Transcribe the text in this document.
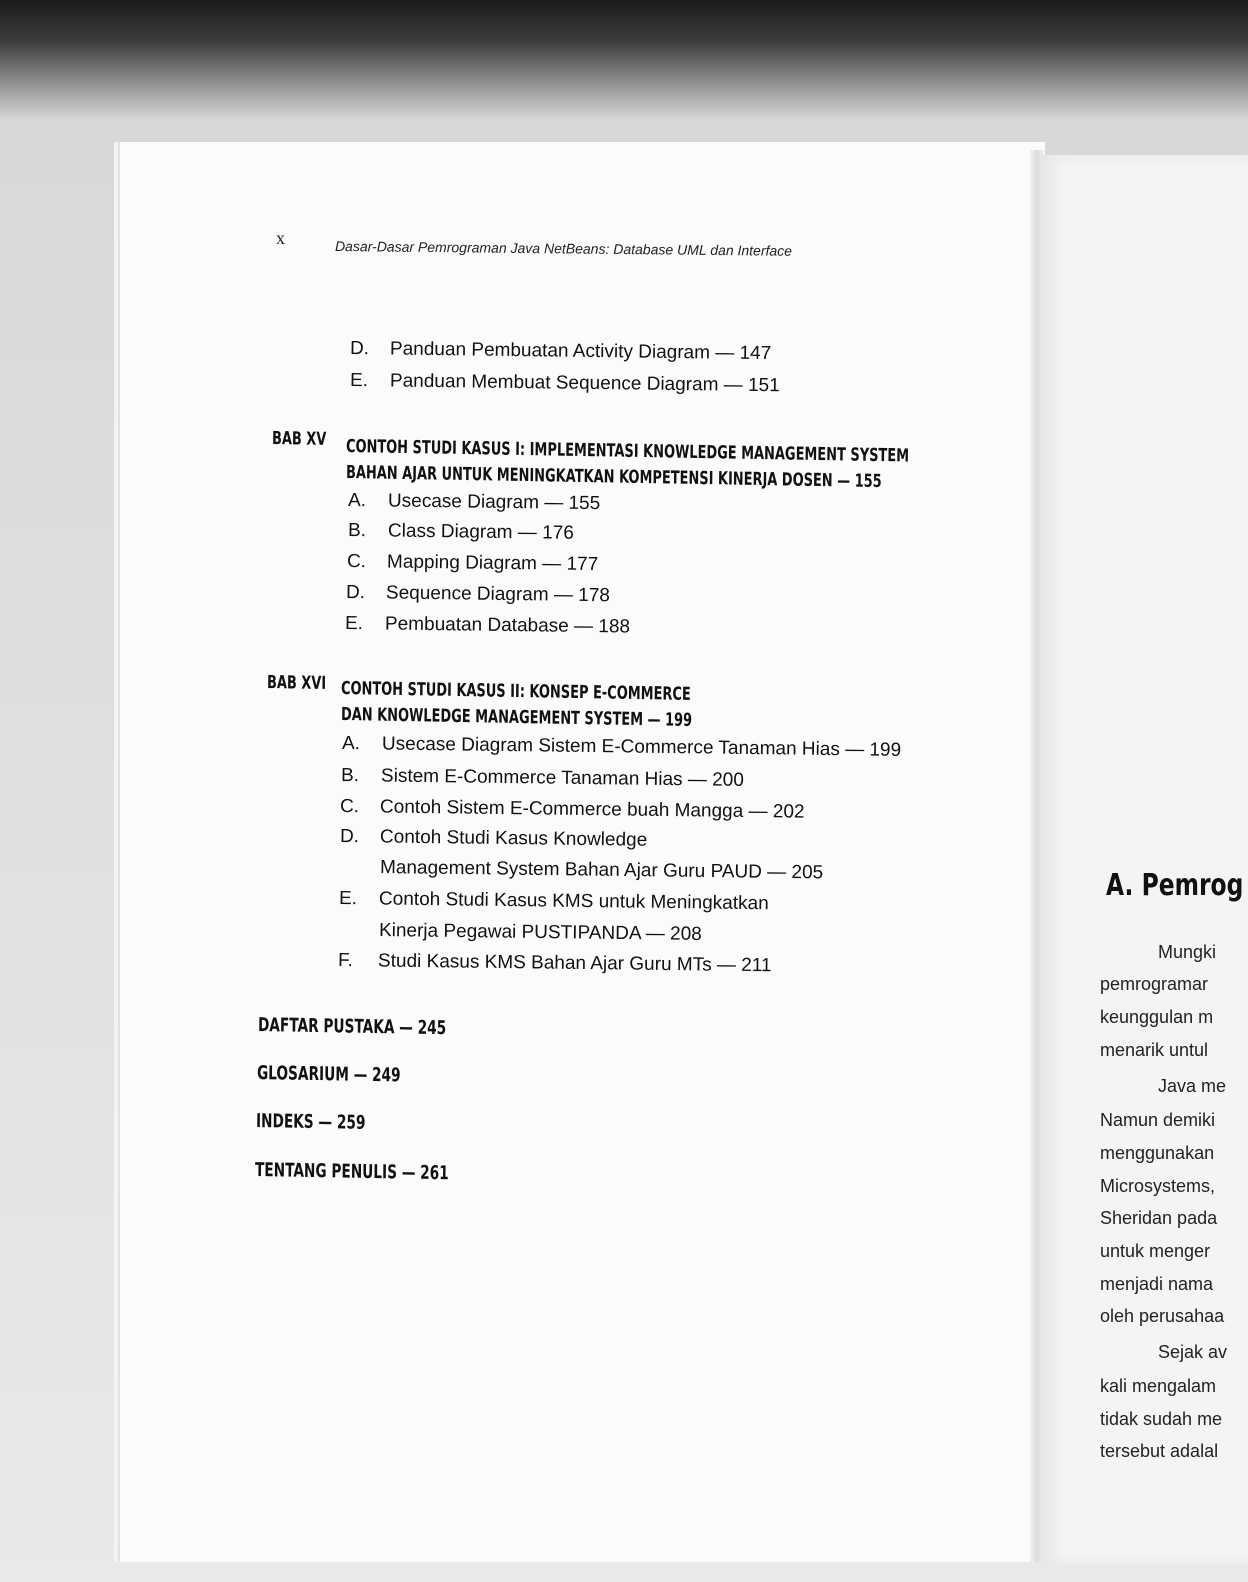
x
Dasar-Dasar Pemrograman Java NetBeans: Database UML dan Interface
D. Panduan Pembuatan Activity Diagram — 147
E. Panduan Membuat Sequence Diagram — 151
BAB XV CONTOH STUDI KASUS I: IMPLEMENTASI KNOWLEDGE MANAGEMENT SYSTEM
BAHAN AJAR UNTUK MENINGKATKAN KOMPETENSI KINERJA DOSEN — 155
A. Usecase Diagram — 155
B. Class Diagram — 176
C. Mapping Diagram — 177
D. Sequence Diagram — 178
E. Pembuatan Database — 188
BAB XVI CONTOH STUDI KASUS II: KONSEP E-COMMERCE
DAN KNOWLEDGE MANAGEMENT SYSTEM — 199
A. Usecase Diagram Sistem E-Commerce Tanaman Hias — 199
B. Sistem E-Commerce Tanaman Hias — 200
C. Contoh Sistem E-Commerce buah Mangga — 202
D. Contoh Studi Kasus Knowledge
Management System Bahan Ajar Guru PAUD — 205
E. Contoh Studi Kasus KMS untuk Meningkatkan
Kinerja Pegawai PUSTIPANDA — 208
F. Studi Kasus KMS Bahan Ajar Guru MTs — 211
DAFTAR PUSTAKA — 245
GLOSARIUM — 249
INDEKS — 259
TENTANG PENULIS — 261
A. Pemrog
Mungki
pemrogramar
keunggulan m
menarik untul
Java me
Namun demiki
menggunakan
Microsystems,
Sheridan pada
untuk menger
menjadi nama
oleh perusahaa
Sejak av
kali mengalam
tidak sudah me
tersebut adalal
